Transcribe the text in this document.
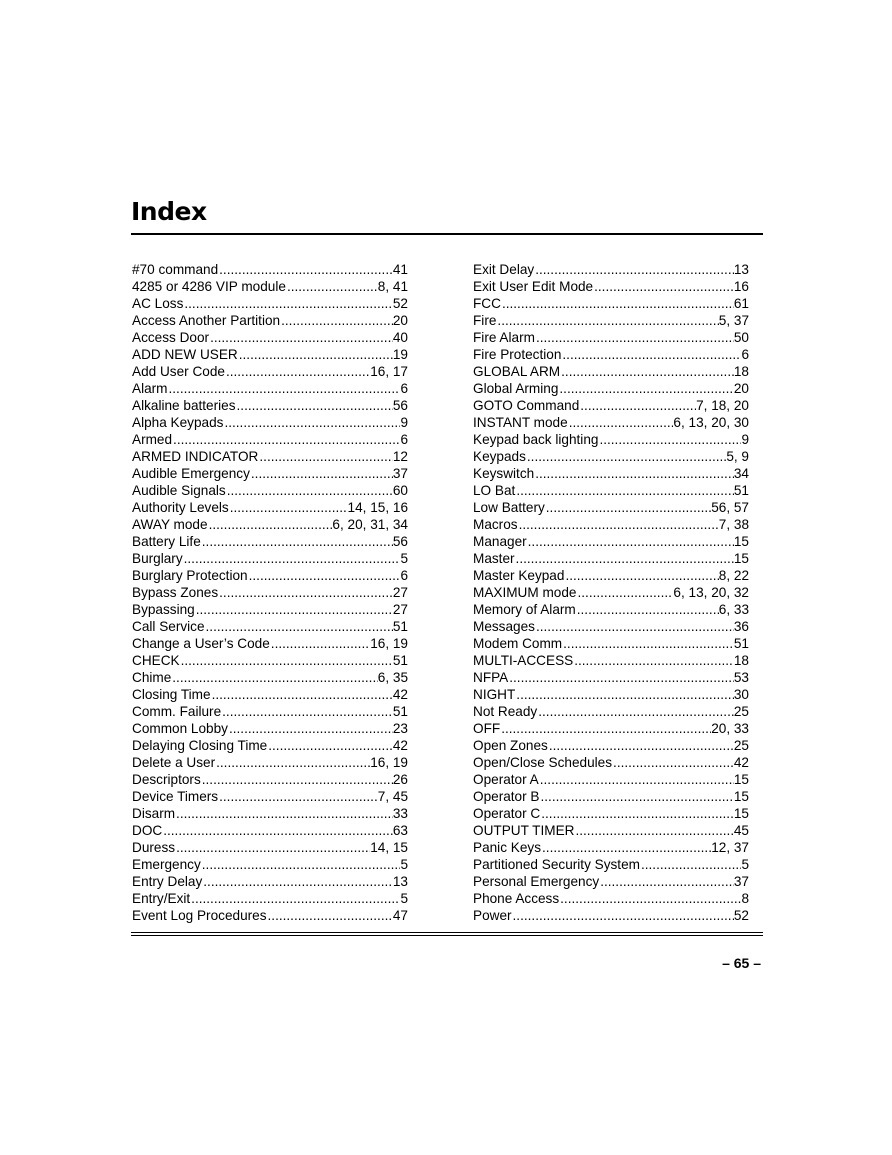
Index
#70 command .....	41
4285 or 4286 VIP module .....	8, 41
AC Loss .....	52
Access Another Partition .....	20
Access Door .....	40
ADD NEW USER .....	19
Add User Code .....	16, 17
Alarm .....	6
Alkaline batteries .....	56
Alpha Keypads .....	9
Armed .....	6
ARMED INDICATOR .....	12
Audible Emergency .....	37
Audible Signals .....	60
Authority Levels .....	14, 15, 16
AWAY mode .....	6, 20, 31, 34
Battery Life .....	56
Burglary .....	5
Burglary Protection .....	6
Bypass Zones .....	27
Bypassing .....	27
Call Service .....	51
Change a User’s Code .....	16, 19
CHECK .....	51
Chime .....	6, 35
Closing Time .....	42
Comm. Failure .....	51
Common Lobby .....	23
Delaying Closing Time .....	42
Delete a User .....	16, 19
Descriptors .....	26
Device Timers .....	7, 45
Disarm .....	33
DOC .....	63
Duress .....	14, 15
Emergency .....	5
Entry Delay .....	13
Entry/Exit .....	5
Event Log Procedures .....	47
Exit Delay .....	13
Exit User Edit Mode .....	16
FCC .....	61
Fire .....	5, 37
Fire Alarm .....	50
Fire Protection .....	6
GLOBAL ARM .....	18
Global Arming .....	20
GOTO Command .....	7, 18, 20
INSTANT mode .....	6, 13, 20, 30
Keypad back lighting .....	9
Keypads .....	5, 9
Keyswitch .....	34
LO Bat .....	51
Low Battery .....	56, 57
Macros .....	7, 38
Manager .....	15
Master .....	15
Master Keypad .....	8, 22
MAXIMUM mode .....	6, 13, 20, 32
Memory of Alarm .....	6, 33
Messages .....	36
Modem Comm .....	51
MULTI-ACCESS .....	18
NFPA .....	53
NIGHT .....	30
Not Ready .....	25
OFF .....	20, 33
Open Zones .....	25
Open/Close Schedules .....	42
Operator A .....	15
Operator B .....	15
Operator C .....	15
OUTPUT TIMER .....	45
Panic Keys .....	12, 37
Partitioned Security System .....	5
Personal Emergency .....	37
Phone Access .....	8
Power .....	52
– 65 –
